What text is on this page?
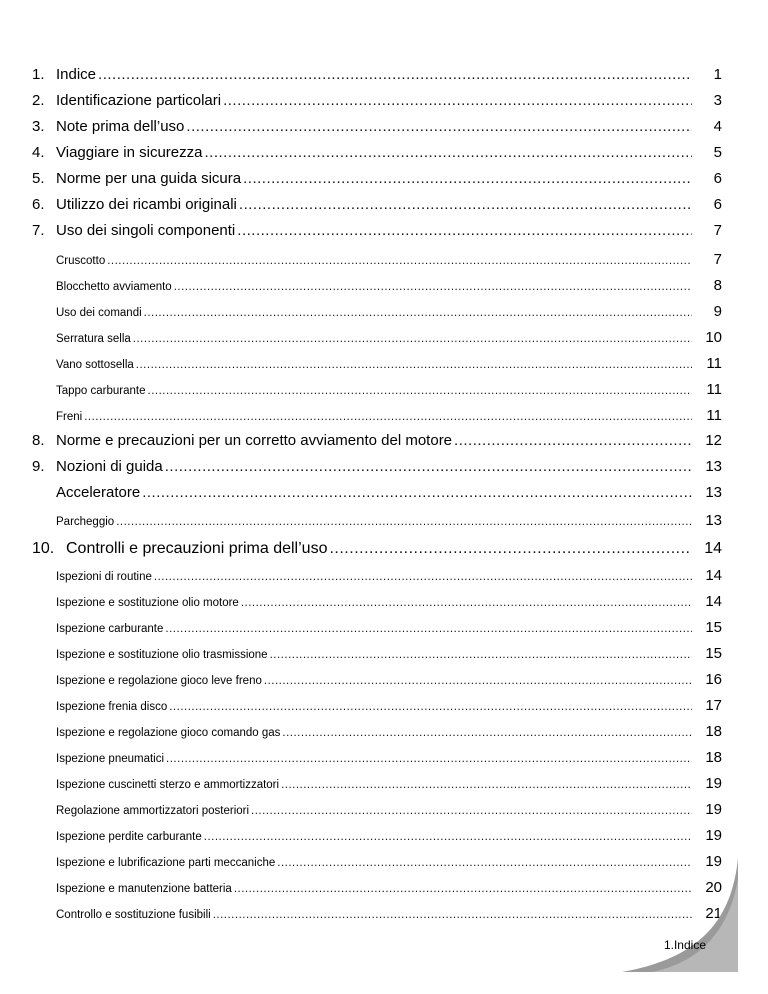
1. Indice .....	1
2. Identificazione particolari .....	3
3. Note prima dell’uso .....	4
4. Viaggiare in sicurezza .....	5
5. Norme per una guida sicura .....	6
6. Utilizzo dei ricambi originali .....	6
7. Uso dei singoli componenti .....	7
Cruscotto .....	7
Blocchetto avviamento .....	8
Uso dei comandi .....	9
Serratura sella .....	10
Vano sottosella .....	11
Tappo carburante .....	11
Freni .....	11
8. Norme e precauzioni per un corretto avviamento del motore .....	12
9. Nozioni di guida .....	13
Acceleratore .....	13
Parcheggio .....	13
10. Controlli e precauzioni prima dell’uso .....	14
Ispezioni di routine .....	14
Ispezione e sostituzione olio motore .....	14
Ispezione carburante .....	15
Ispezione e sostituzione olio trasmissione .....	15
Ispezione e regolazione gioco leve freno .....	16
Ispezione frenia disco .....	17
Ispezione e regolazione gioco comando gas .....	18
Ispezione pneumatici .....	18
Ispezione cuscinetti sterzo e ammortizzatori .....	19
Regolazione ammortizzatori posteriori .....	19
Ispezione perdite carburante .....	19
Ispezione e lubrificazione parti meccaniche .....	19
Ispezione e manutenzione batteria .....	20
Controllo e sostituzione fusibili .....	21
1.Indice
